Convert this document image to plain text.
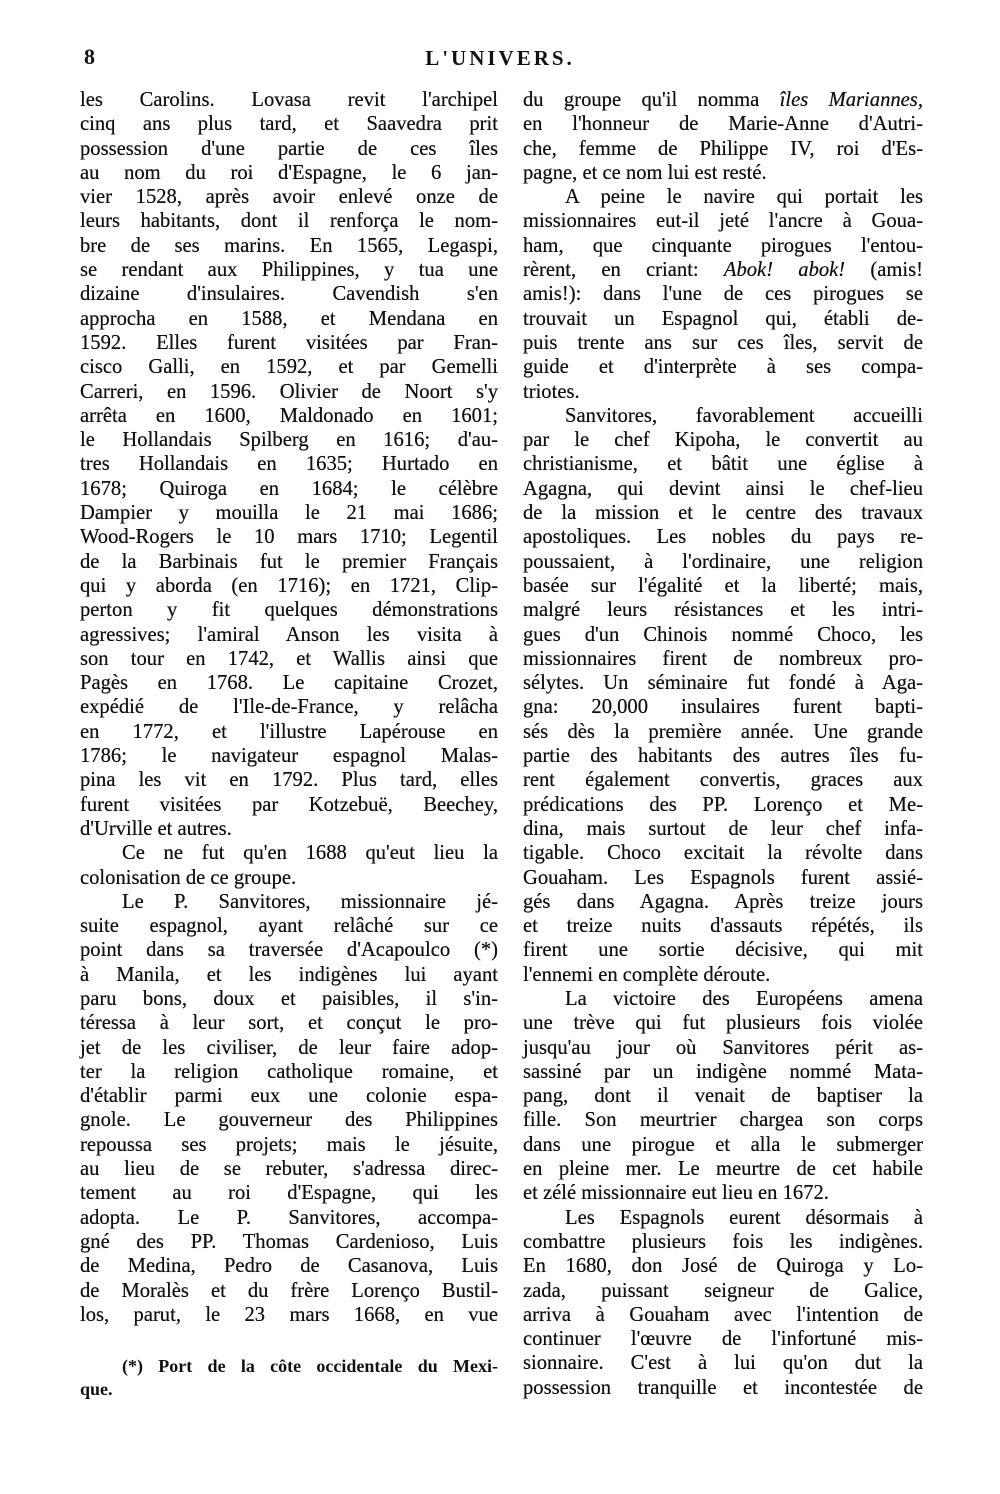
8	L'UNIVERS.
les Carolins. Lovasa revit l'archipel
cinq ans plus tard, et Saavedra prit
possession d'une partie de ces îles
au nom du roi d'Espagne, le 6 jan-
vier 1528, après avoir enlevé onze de
leurs habitants, dont il renforça le nom-
bre de ses marins. En 1565, Legaspi,
se rendant aux Philippines, y tua une
dizaine d'insulaires. Cavendish s'en
approcha en 1588, et Mendana en
1592. Elles furent visitées par Fran-
cisco Galli, en 1592, et par Gemelli
Carreri, en 1596. Olivier de Noort s'y
arrêta en 1600, Maldonado en 1601;
le Hollandais Spilberg en 1616; d'au-
tres Hollandais en 1635; Hurtado en
1678; Quiroga en 1684; le célèbre
Dampier y mouilla le 21 mai 1686;
Wood-Rogers le 10 mars 1710; Legentil
de la Barbinais fut le premier Français
qui y aborda (en 1716); en 1721, Clip-
perton y fit quelques démonstrations
agressives; l'amiral Anson les visita à
son tour en 1742, et Wallis ainsi que
Pagès en 1768. Le capitaine Crozet,
expédié de l'Ile-de-France, y relâcha
en 1772, et l'illustre Lapérouse en
1786; le navigateur espagnol Malas-
pina les vit en 1792. Plus tard, elles
furent visitées par Kotzebuë, Beechey,
d'Urville et autres.
Ce ne fut qu'en 1688 qu'eut lieu la
colonisation de ce groupe.
Le P. Sanvitores, missionnaire jé-
suite espagnol, ayant relâché sur ce
point dans sa traversée d'Acapoulco (*)
à Manila, et les indigènes lui ayant
paru bons, doux et paisibles, il s'in-
téressa à leur sort, et conçut le pro-
jet de les civiliser, de leur faire adop-
ter la religion catholique romaine, et
d'établir parmi eux une colonie espa-
gnole. Le gouverneur des Philippines
repoussa ses projets; mais le jésuite,
au lieu de se rebuter, s'adressa direc-
tement au roi d'Espagne, qui les
adopta. Le P. Sanvitores, accompa-
gné des PP. Thomas Cardenioso, Luis
de Medina, Pedro de Casanova, Luis
de Moralès et du frère Lorenço Bustil-
los, parut, le 23 mars 1668, en vue
du groupe qu'il nomma îles Mariannes,
en l'honneur de Marie-Anne d'Autri-
che, femme de Philippe IV, roi d'Es-
pagne, et ce nom lui est resté.
A peine le navire qui portait les
missionnaires eut-il jeté l'ancre à Goua-
ham, que cinquante pirogues l'entou-
rèrent, en criant: Abok! abok! (amis!
amis!): dans l'une de ces pirogues se
trouvait un Espagnol qui, établi de-
puis trente ans sur ces îles, servit de
guide et d'interprète à ses compa-
triotes.
Sanvitores, favorablement accueilli
par le chef Kipoha, le convertit au
christianisme, et bâtit une église à
Agagna, qui devint ainsi le chef-lieu
de la mission et le centre des travaux
apostoliques. Les nobles du pays re-
poussaient, à l'ordinaire, une religion
basée sur l'égalité et la liberté; mais,
malgré leurs résistances et les intri-
gues d'un Chinois nommé Choco, les
missionnaires firent de nombreux pro-
sélytes. Un séminaire fut fondé à Aga-
gna: 20,000 insulaires furent bapti-
sés dès la première année. Une grande
partie des habitants des autres îles fu-
rent également convertis, graces aux
prédications des PP. Lorenço et Me-
dina, mais surtout de leur chef infa-
tigable. Choco excitait la révolte dans
Gouaham. Les Espagnols furent assié-
gés dans Agagna. Après treize jours
et treize nuits d'assauts répétés, ils
firent une sortie décisive, qui mit
l'ennemi en complète déroute.
La victoire des Européens amena
une trève qui fut plusieurs fois violée
jusqu'au jour où Sanvitores périt as-
sassiné par un indigène nommé Mata-
pang, dont il venait de baptiser la
fille. Son meurtrier chargea son corps
dans une pirogue et alla le submerger
en pleine mer. Le meurtre de cet habile
et zélé missionnaire eut lieu en 1672.
Les Espagnols eurent désormais à
combattre plusieurs fois les indigènes.
En 1680, don José de Quiroga y Lo-
zada, puissant seigneur de Galice,
arriva à Gouaham avec l'intention de
continuer l'œuvre de l'infortuné mis-
sionnaire. C'est à lui qu'on dut la
possession tranquille et incontestée de
(*) Port de la côte occidentale du Mexi-
que.
